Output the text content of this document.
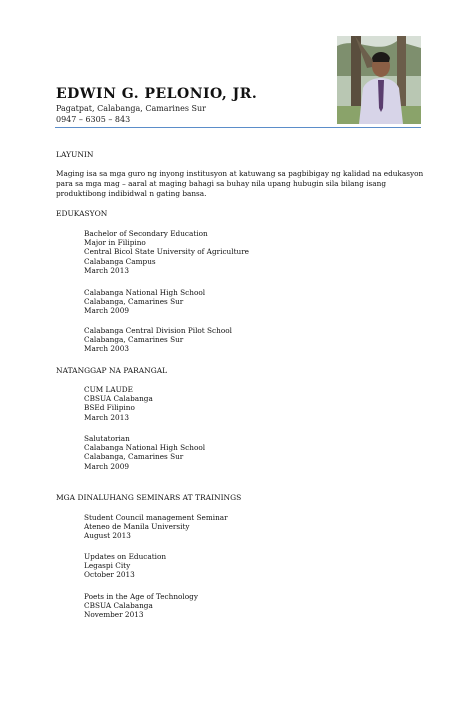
EDWIN G. PELONIO, JR.
Pagatpat, Calabanga, Camarines Sur
0947 – 6305 – 843
LAYUNIN
Maging isa sa mga guro ng inyong institusyon at katuwang sa pagbibigay ng kalidad na edukasyon para sa mga mag – aaral at maging bahagi sa buhay nila upang hubugin sila bilang isang produktibong indibidwal n gating bansa.
EDUKASYON
Bachelor of Secondary Education
Major in Filipino
Central Bicol State University of Agriculture
Calabanga Campus
March 2013
Calabanga National High School
Calabanga, Camarines Sur
March 2009
Calabanga Central Division Pilot School
Calabanga, Camarines Sur
March 2003
NATANGGAP NA PARANGAL
CUM LAUDE
CBSUA Calabanga
BSEd Filipino
March 2013
Salutatorian
Calabanga National High School
Calabanga, Camarines Sur
March 2009
MGA DINALUHANG SEMINARS AT TRAININGS
Student Council management Seminar
Ateneo de Manila University
August 2013
Updates on Education
Legaspi City
October 2013
Poets in the Age of Technology
CBSUA Calabanga
November 2013
